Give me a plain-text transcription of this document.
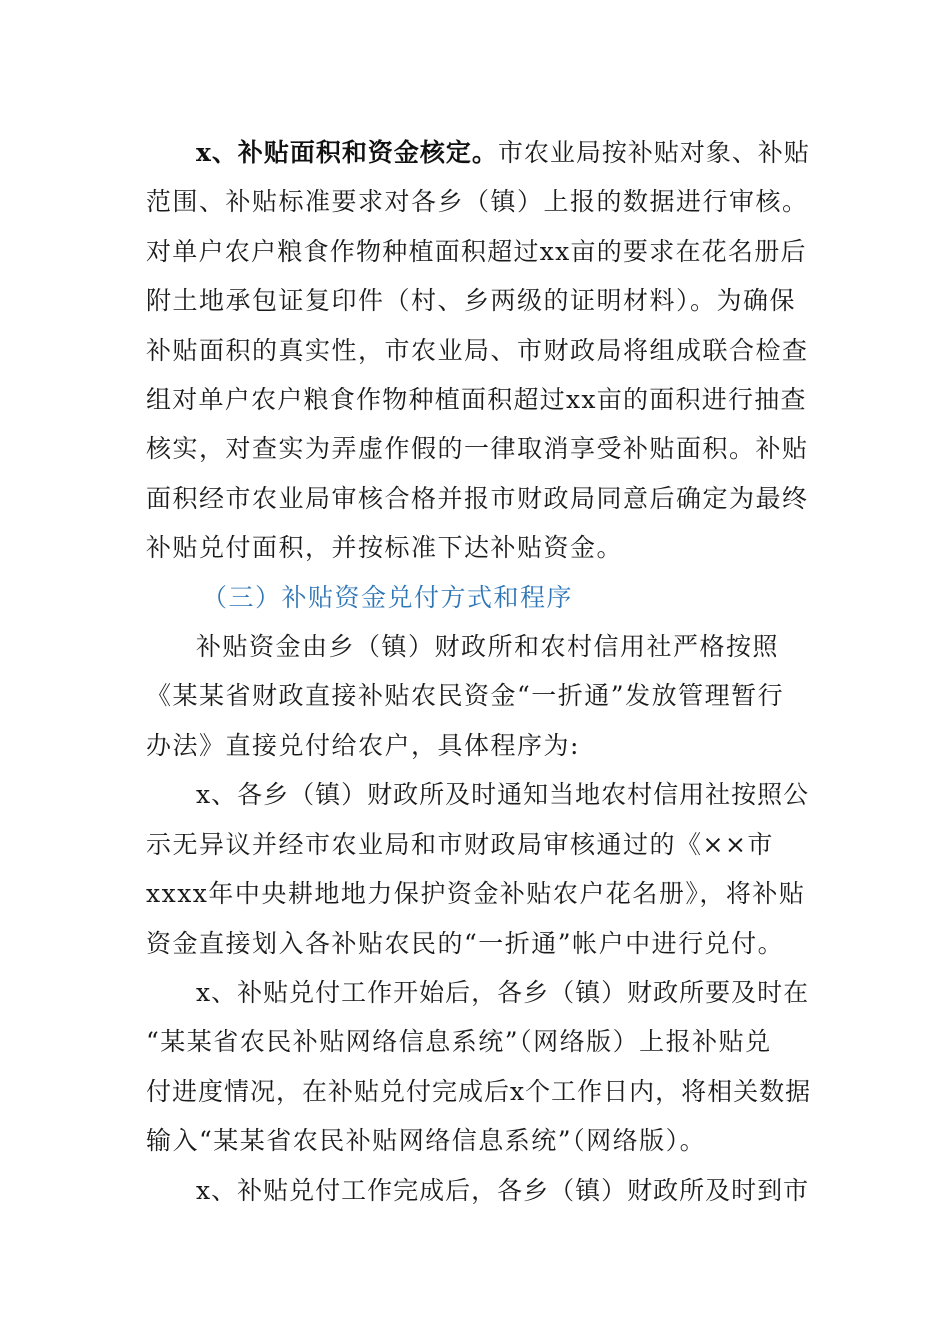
x、补贴面积和资金核定。市农业局按补贴对象、补贴
范围、补贴标准要求对各乡（镇）上报的数据进行审核。
对单户农户粮食作物种植面积超过xx亩的要求在花名册后
附土地承包证复印件（村、乡两级的证明材料）。为确保
补贴面积的真实性，市农业局、市财政局将组成联合检查
组对单户农户粮食作物种植面积超过xx亩的面积进行抽查
核实，对查实为弄虚作假的一律取消享受补贴面积。补贴
面积经市农业局审核合格并报市财政局同意后确定为最终
补贴兑付面积，并按标准下达补贴资金。
（三）补贴资金兑付方式和程序
补贴资金由乡（镇）财政所和农村信用社严格按照
《某某省财政直接补贴农民资金“一折通”发放管理暂行
办法》直接兑付给农户，具体程序为:
x、各乡（镇）财政所及时通知当地农村信用社按照公
示无异议并经市农业局和市财政局审核通过的《××市
xxxx年中央耕地地力保护资金补贴农户花名册》，将补贴
资金直接划入各补贴农民的“一折通”帐户中进行兑付。
x、补贴兑付工作开始后，各乡（镇）财政所要及时在
“某某省农民补贴网络信息系统”（网络版）上报补贴兑
付进度情况，在补贴兑付完成后x个工作日内，将相关数据
输入“某某省农民补贴网络信息系统”（网络版）。
x、补贴兑付工作完成后，各乡（镇）财政所及时到市
